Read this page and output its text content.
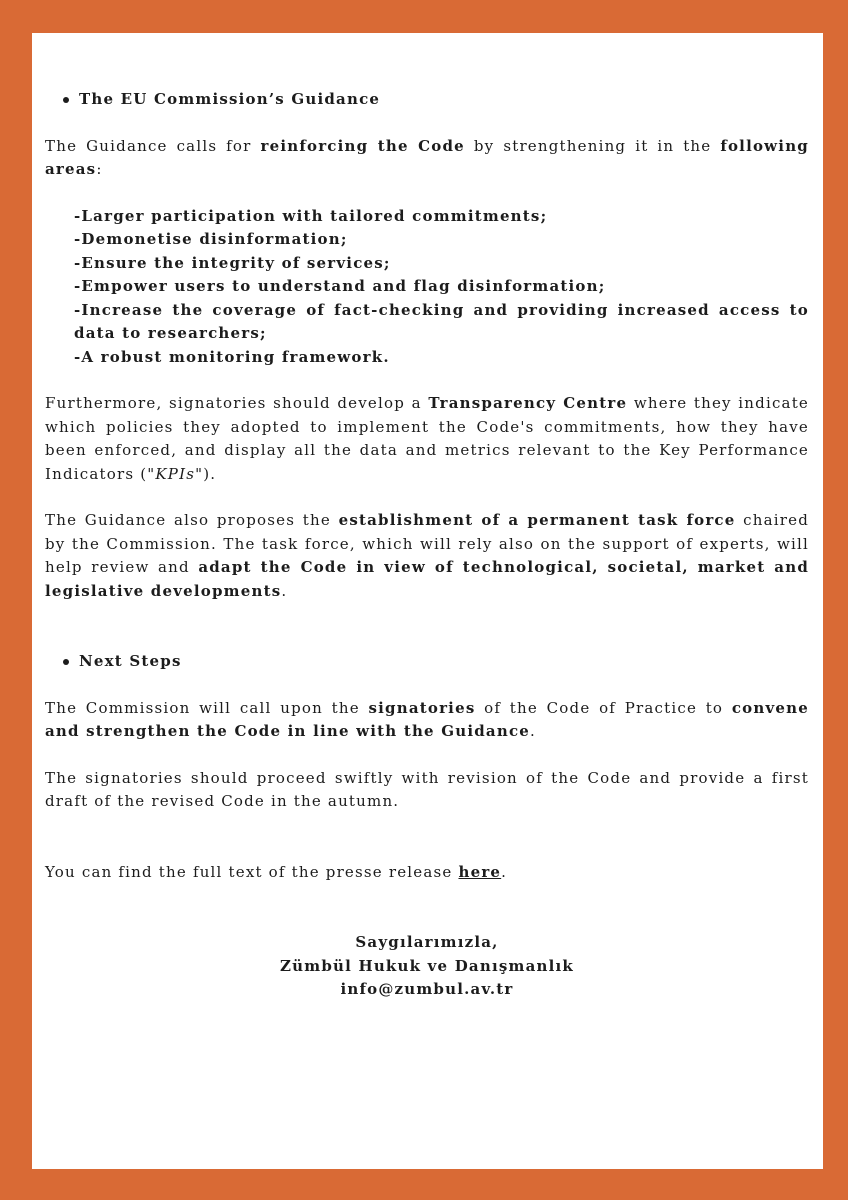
The EU Commission’s Guidance

The Guidance calls for reinforcing the Code by strengthening it in the following areas:

-Larger participation with tailored commitments;
-Demonetise disinformation;
-Ensure the integrity of services;
-Empower users to understand and flag disinformation;
-Increase the coverage of fact-checking and providing increased access to data to researchers;
-A robust monitoring framework.

Furthermore, signatories should develop a Transparency Centre where they indicate which policies they adopted to implement the Code's commitments, how they have been enforced, and display all the data and metrics relevant to the Key Performance Indicators ("KPIs").

The Guidance also proposes the establishment of a permanent task force chaired by the Commission. The task force, which will rely also on the support of experts, will help review and adapt the Code in view of technological, societal, market and legislative developments.

Next Steps

The Commission will call upon the signatories of the Code of Practice to convene and strengthen the Code in line with the Guidance.

The signatories should proceed swiftly with revision of the Code and provide a first draft of the revised Code in the autumn.

You can find the full text of the presse release here.

Saygılarımızla,
Zümbül Hukuk ve Danışmanlık
info@zumbul.av.tr
